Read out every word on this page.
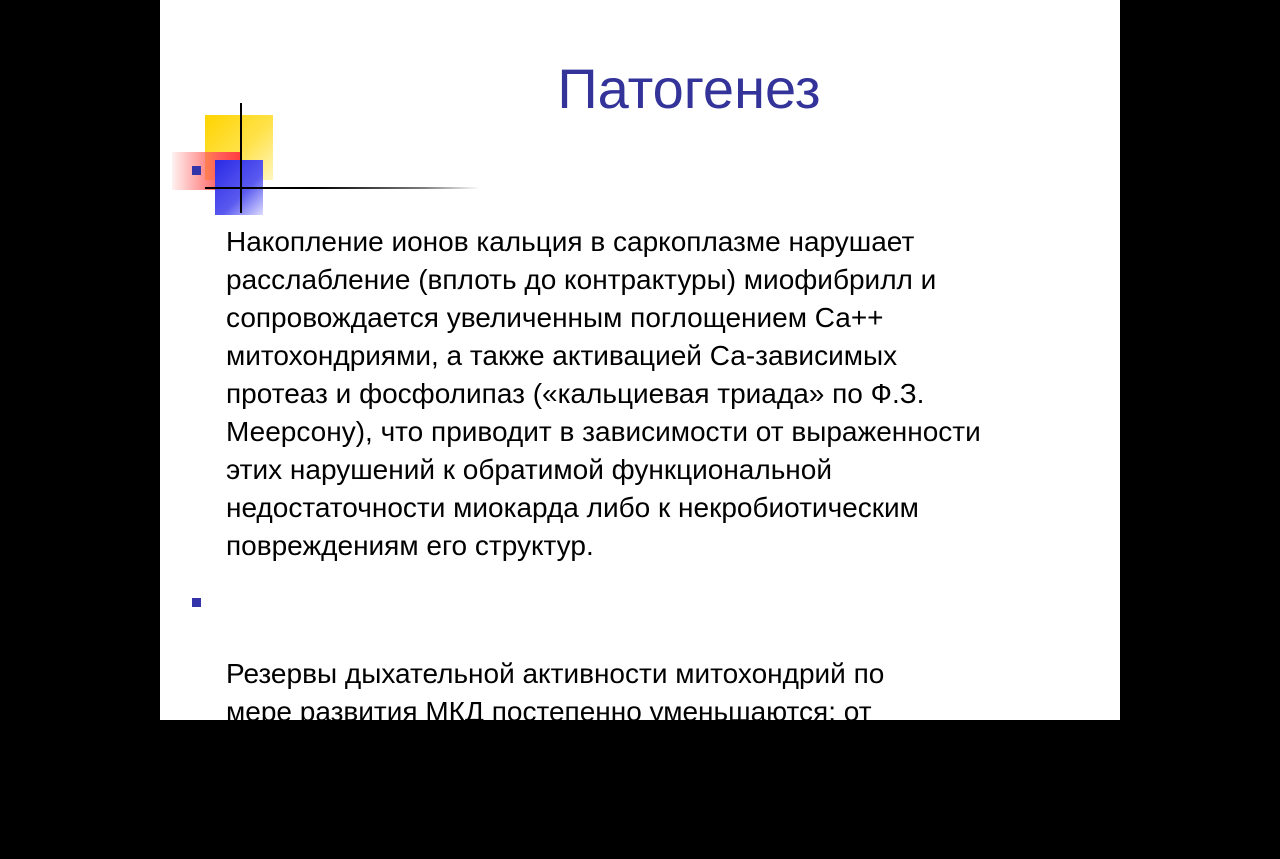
Патогенез

Накопление ионов кальция в саркоплазме нарушает
расслабление (вплоть до контрактуры) миофибрилл и
сопровождается увеличенным поглощением Са++
митохондриями, а также активацией Са-зависимых
протеаз и фосфолипаз («кальциевая триада» по Ф.З.
Меерсону), что приводит в зависимости от выраженности
этих нарушений к обратимой функциональной
недостаточности миокарда либо к некробиотическим
повреждениям его структур.

Резервы дыхательной активности митохондрий по
мере развития МКД постепенно уменьшаются: от
повышенного уровня их дыхательной функции в покое до
ее снижения, что совпадает с клиническими
проявлениями сердечной недостаточности.
